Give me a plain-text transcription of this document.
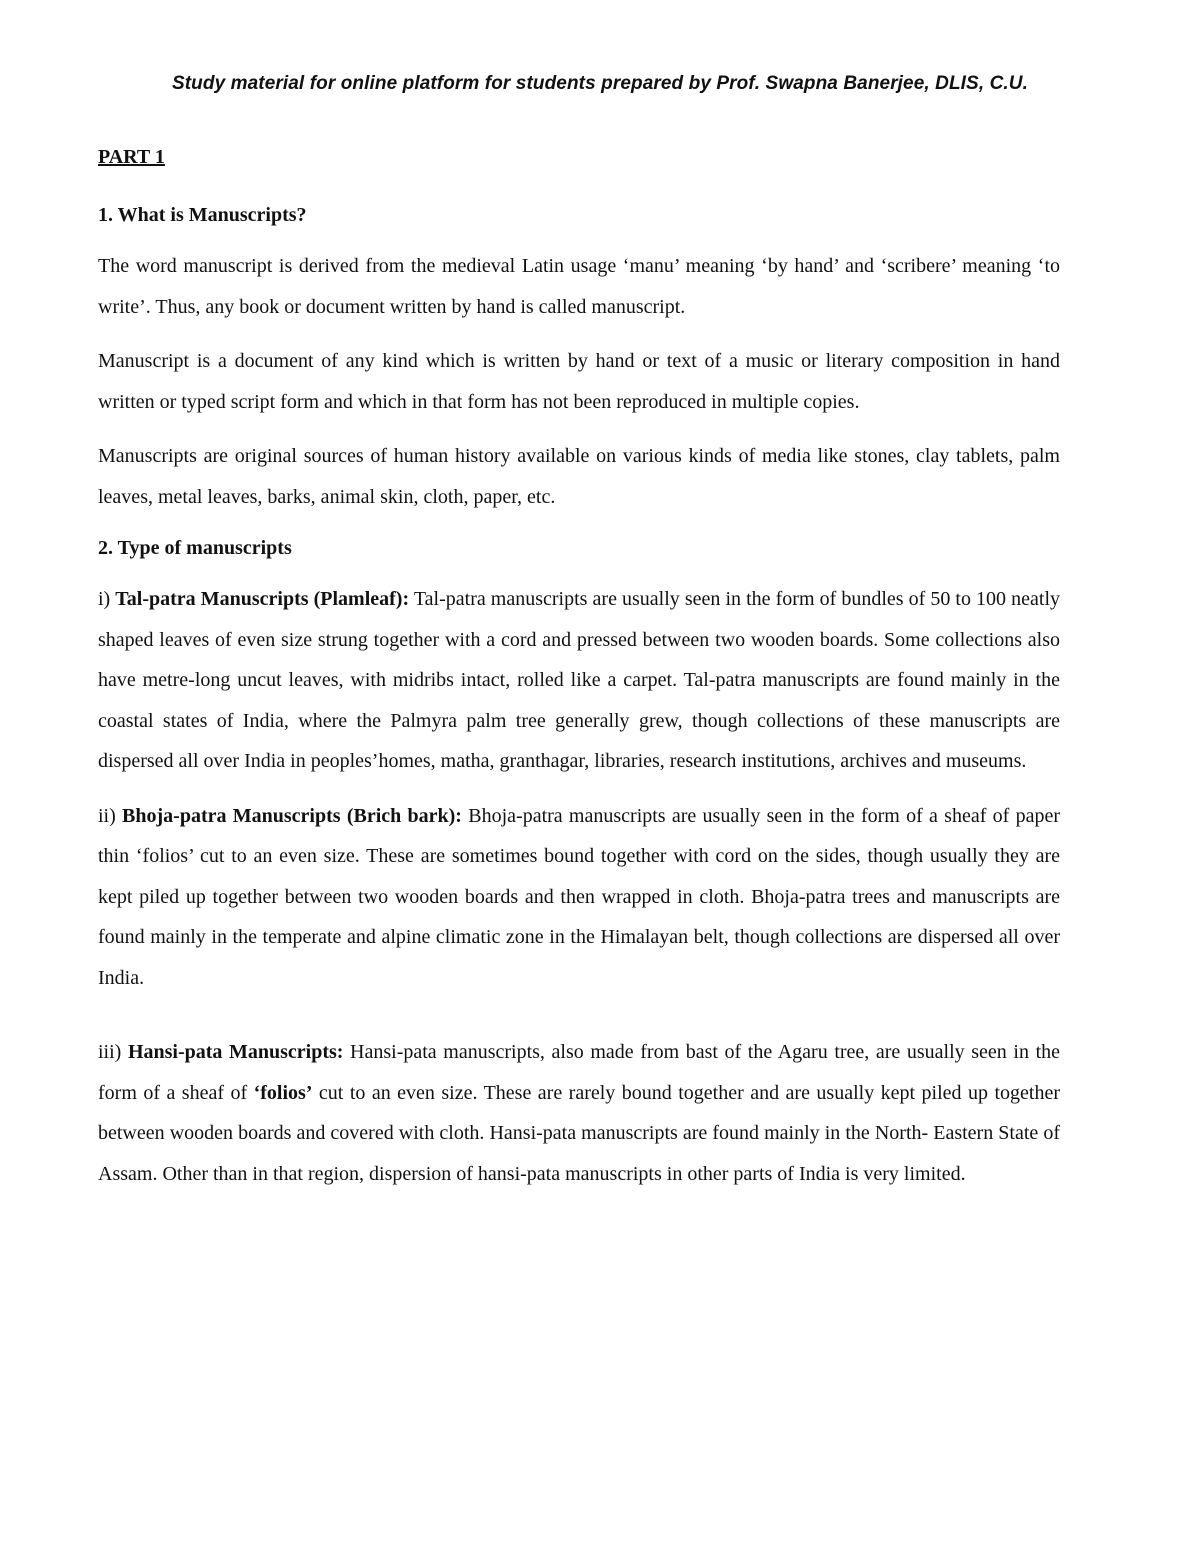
Study material for online platform for students prepared by Prof. Swapna Banerjee, DLIS, C.U.
PART 1
1. What is Manuscripts?

The word manuscript is derived from the medieval Latin usage ‘manu’ meaning ‘by hand’ and ‘scribere’ meaning ‘to write’. Thus, any book or document written by hand is called manuscript.

Manuscript is a document of any kind which is written by hand or text of a music or literary composition in hand written or typed script form and which in that form has not been reproduced in multiple copies.

Manuscripts are original sources of human history available on various kinds of media like stones, clay tablets, palm leaves, metal leaves, barks, animal skin, cloth, paper, etc.

2. Type of manuscripts

i) Tal-patra Manuscripts (Plamleaf): Tal-patra manuscripts are usually seen in the form of bundles of 50 to 100 neatly shaped leaves of even size strung together with a cord and pressed between two wooden boards. Some collections also have metre-long uncut leaves, with midribs intact, rolled like a carpet. Tal-patra manuscripts are found mainly in the coastal states of India, where the Palmyra palm tree generally grew, though collections of these manuscripts are dispersed all over India in peoples’homes, matha, granthagar, libraries, research institutions, archives and museums.

ii) Bhoja-patra Manuscripts (Brich bark): Bhoja-patra manuscripts are usually seen in the form of a sheaf of paper thin ‘folios’ cut to an even size. These are sometimes bound together with cord on the sides, though usually they are kept piled up together between two wooden boards and then wrapped in cloth. Bhoja-patra trees and manuscripts are found mainly in the temperate and alpine climatic zone in the Himalayan belt, though collections are dispersed all over India.

iii) Hansi-pata Manuscripts: Hansi-pata manuscripts, also made from bast of the Agaru tree, are usually seen in the form of a sheaf of ‘folios’ cut to an even size. These are rarely bound together and are usually kept piled up together between wooden boards and covered with cloth. Hansi-pata manuscripts are found mainly in the North- Eastern State of Assam. Other than in that region, dispersion of hansi-pata manuscripts in other parts of India is very limited.
